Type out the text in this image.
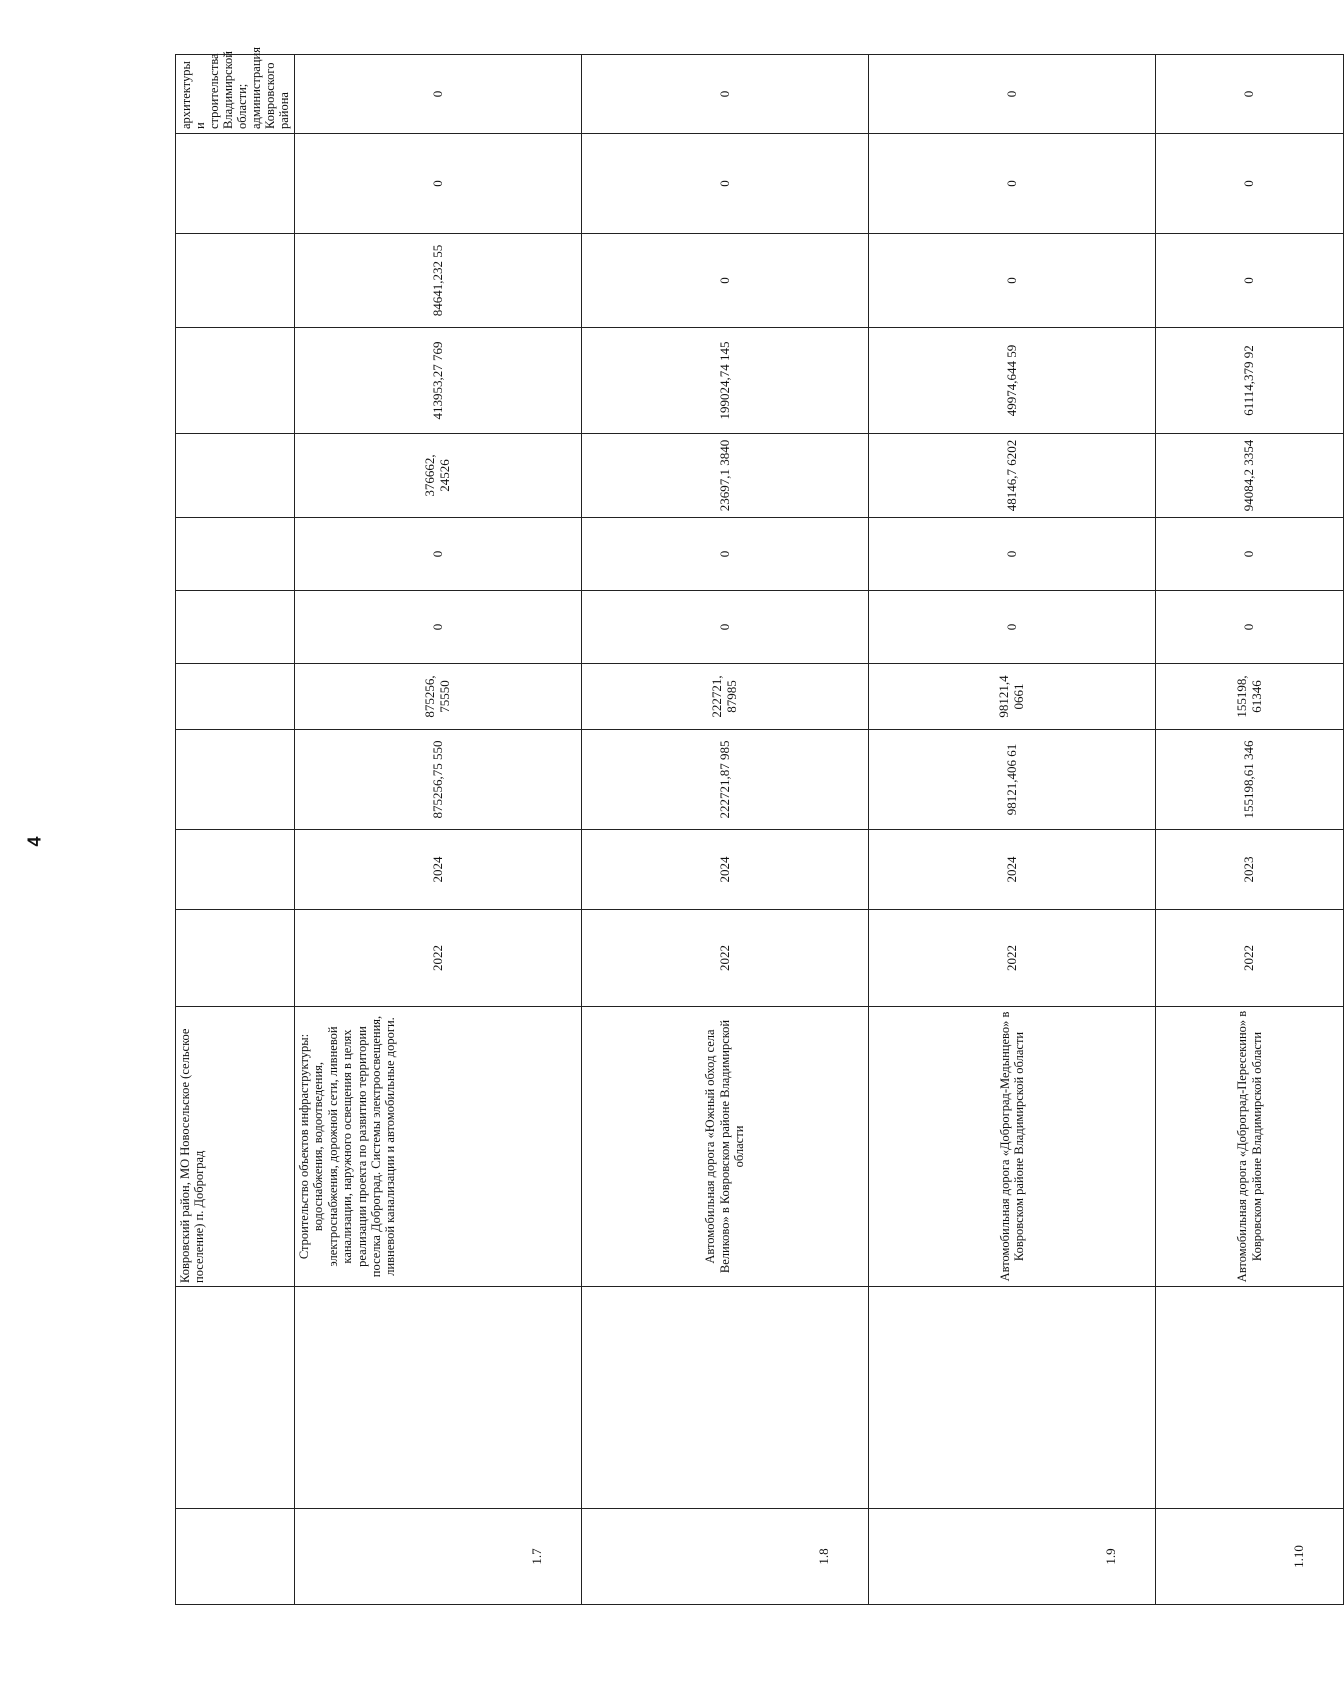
4
		Ковровский район, МО Новосельское (сельское поселение) п. Доброград											архитектуры и строительства Владимирской области; администрация Ковровского района	
1.7		Строительство объектов инфраструктуры: водоснабжения, водоотведения, электроснабжения, дорожной сети, ливневой канализации, наружного освещения в целях реализации проекта по развитию территории поселка Доброград. Системы электроосвещения, ливневой канализации и автомобильные дороги.	2022	2024	875256,75 550	875256, 75550	0	0	376662, 24526	413953,27 769	84641,232 55	0	0	
1.8		Автомобильная дорога «Южный обход села Великово» в Ковровском районе Владимирской области	2022	2024	222721,87 985	222721, 87985	0	0	23697,1 3840	199024,74 145	0	0	0	
1.9		Автомобильная дорога «Доброград-Медынцево» в Ковровском районе Владимирской области	2022	2024	98121,406 61	98121,4 0661	0	0	48146,7 6202	49974,644 59	0	0	0	
1.10		Автомобильная дорога «Доброград-Пересекино» в Ковровском районе Владимирской области	2022	2023	155198,61 346	155198, 61346	0	0	94084,2 3354	61114,379 92	0	0	0	
